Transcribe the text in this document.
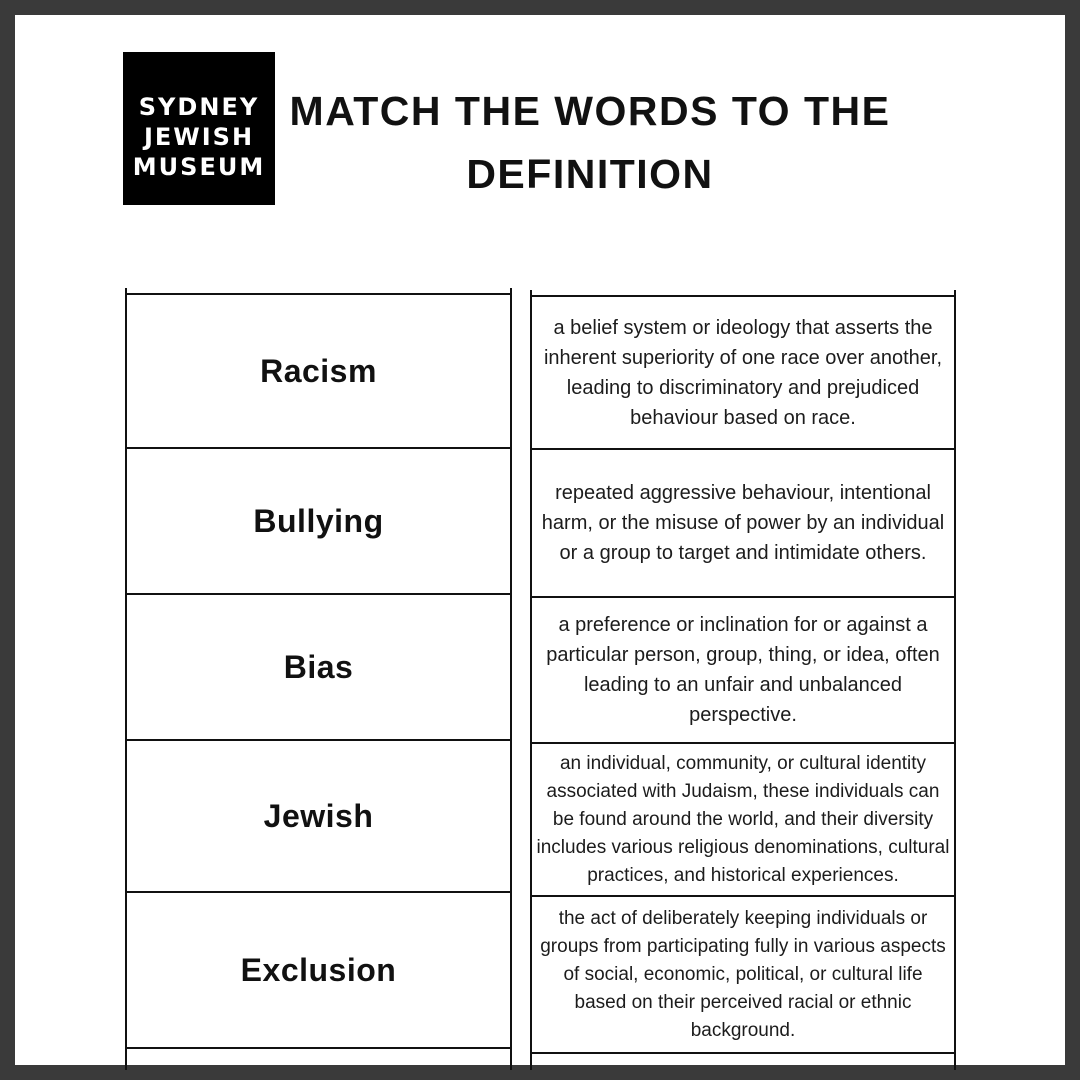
SYDNEY
JEWISH
MUSEUM
MATCH THE WORDS TO THE
DEFINITION
Racism
Bullying
Bias
Jewish
Exclusion

a belief system or ideology that asserts the inherent superiority of one race over another, leading to discriminatory and prejudiced behaviour based on race.

repeated aggressive behaviour, intentional harm, or the misuse of power by an individual or a group to target and intimidate others.

a preference or inclination for or against a particular person, group, thing, or idea, often leading to an unfair and unbalanced perspective.

an individual, community, or cultural identity associated with Judaism, these individuals can be found around the world, and their diversity includes various religious denominations, cultural practices, and historical experiences.

the act of deliberately keeping individuals or groups from participating fully in various aspects of social, economic, political, or cultural life based on their perceived racial or ethnic background.
